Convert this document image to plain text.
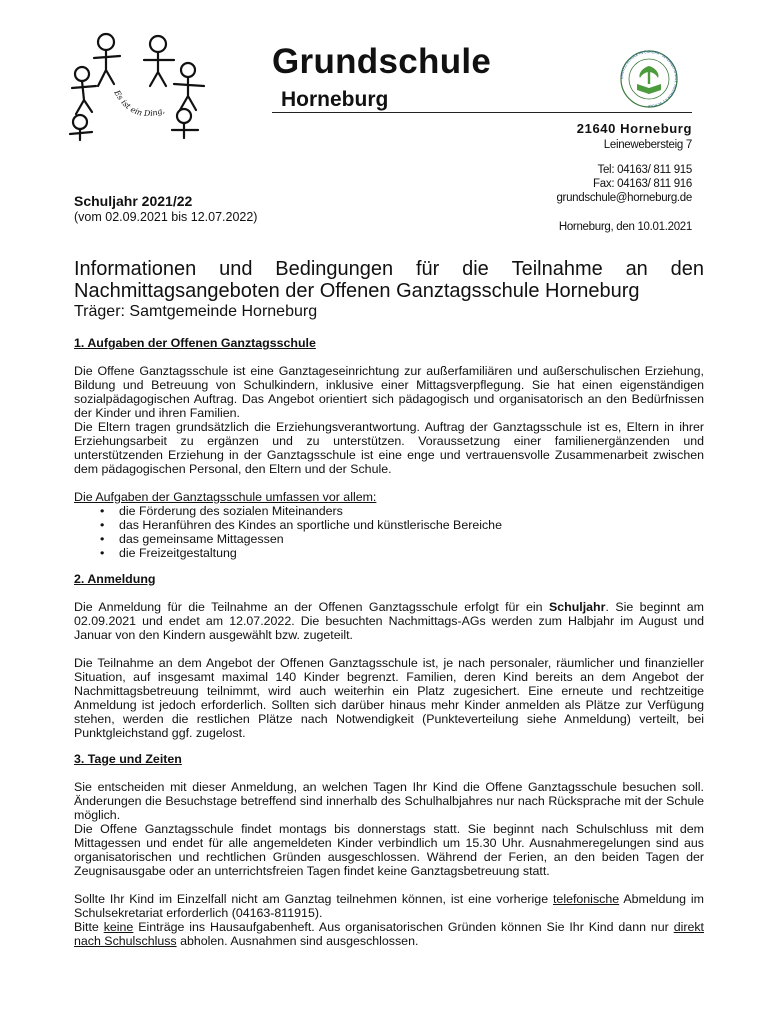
Es ist ein Ding,
Grundschule
Horneburg
UMWELTSCHULE IN EUROPA · INTERNATIONALE AGENDA 21 SCHULE
21640 Horneburg
Leinewebersteig 7
Tel: 04163/ 811 915
Fax: 04163/ 811 916
grundschule@horneburg.de
Horneburg, den 10.01.2021
Schuljahr 2021/22
(vom 02.09.2021 bis 12.07.2022)
Informationen und Bedingungen für die Teilnahme an den
Nachmittagsangeboten der Offenen Ganztagsschule Horneburg
Träger: Samtgemeinde Horneburg
1. Aufgaben der Offenen Ganztagsschule

Die Offene Ganztagsschule ist eine Ganztageseinrichtung zur außerfamiliären und außerschulischen Erziehung, Bildung und Betreuung von Schulkindern, inklusive einer Mittagsverpflegung. Sie hat einen eigenständigen sozialpädagogischen Auftrag. Das Angebot orientiert sich pädagogisch und organisatorisch an den Bedürfnissen der Kinder und ihren Familien.

Die Eltern tragen grundsätzlich die Erziehungsverantwortung. Auftrag der Ganztagsschule ist es, Eltern in ihrer Erziehungsarbeit zu ergänzen und zu unterstützen. Voraussetzung einer familienergänzenden und unterstützenden Erziehung in der Ganztagsschule ist eine enge und vertrauensvolle Zusammenarbeit zwischen dem pädagogischen Personal, den Eltern und der Schule.

Die Aufgaben der Ganztagsschule umfassen vor allem:

• die Förderung des sozialen Miteinanders
• das Heranführen des Kindes an sportliche und künstlerische Bereiche
• das gemeinsame Mittagessen
• die Freizeitgestaltung
2. Anmeldung

Die Anmeldung für die Teilnahme an der Offenen Ganztagsschule erfolgt für ein Schuljahr. Sie beginnt am 02.09.2021 und endet am 12.07.2022. Die besuchten Nachmittags-AGs werden zum Halbjahr im August und Januar von den Kindern ausgewählt bzw. zugeteilt.

Die Teilnahme an dem Angebot der Offenen Ganztagsschule ist, je nach personaler, räumlicher und finanzieller Situation, auf insgesamt maximal 140 Kinder begrenzt. Familien, deren Kind bereits an dem Angebot der Nachmittagsbetreuung teilnimmt, wird auch weiterhin ein Platz zugesichert. Eine erneute und rechtzeitige Anmeldung ist jedoch erforderlich. Sollten sich darüber hinaus mehr Kinder anmelden als Plätze zur Verfügung stehen, werden die restlichen Plätze nach Notwendigkeit (Punkteverteilung siehe Anmeldung) verteilt, bei Punktgleichstand ggf. zugelost.

3. Tage und Zeiten

Sie entscheiden mit dieser Anmeldung, an welchen Tagen Ihr Kind die Offene Ganztagsschule besuchen soll. Änderungen die Besuchstage betreffend sind innerhalb des Schulhalbjahres nur nach Rücksprache mit der Schule möglich.

Die Offene Ganztagsschule findet montags bis donnerstags statt. Sie beginnt nach Schulschluss mit dem Mittagessen und endet für alle angemeldeten Kinder verbindlich um 15.30 Uhr. Ausnahmeregelungen sind aus organisatorischen und rechtlichen Gründen ausgeschlossen. Während der Ferien, an den beiden Tagen der Zeugnisausgabe oder an unterrichtsfreien Tagen findet keine Ganztagsbetreuung statt.

Sollte Ihr Kind im Einzelfall nicht am Ganztag teilnehmen können, ist eine vorherige telefonische Abmeldung im Schulsekretariat erforderlich (04163-811915).

Bitte keine Einträge ins Hausaufgabenheft. Aus organisatorischen Gründen können Sie Ihr Kind dann nur direkt nach Schulschluss abholen. Ausnahmen sind ausgeschlossen.
